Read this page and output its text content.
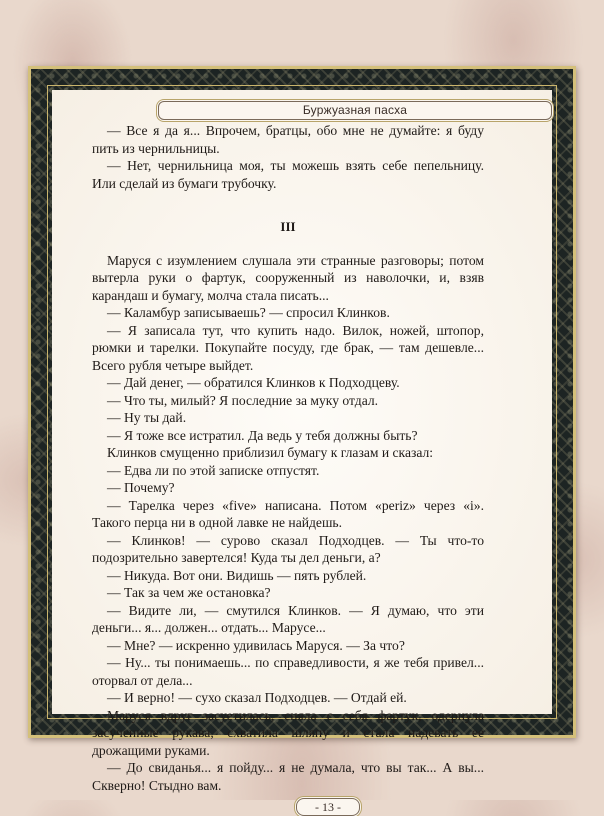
Буржуазная пасха
- 13 -

— Все я да я... Впрочем, братцы, обо мне не думайте: я буду пить из чернильницы.

— Нет, чернильница моя, ты можешь взять себе пепельницу. Или сделай из бумаги трубочку.

III

Маруся с изумлением слушала эти странные разговоры; потом вытерла руки о фартук, сооруженный из наволочки, и, взяв карандаш и бумагу, молча стала писать...

— Каламбур записываешь? — спросил Клинков.

— Я записала тут, что купить надо. Вилок, ножей, штопор, рюмки и тарелки. Покупайте посуду, где брак, — там дешевле... Всего рубля четыре выйдет.

— Дай денег, — обратился Клинков к Подходцеву.

— Что ты, милый? Я последние за муку отдал.

— Ну ты дай.

— Я тоже все истратил. Да ведь у тебя должны быть?

Клинков смущенно приблизил бумагу к глазам и сказал:

— Едва ли по этой записке отпустят.

— Почему?

— Тарелка через «five» написана. Потом «periz» через «i». Такого перца ни в одной лавке не найдешь.

— Клинков! — сурово сказал Подходцев. — Ты что-то подозрительно завертелся! Куда ты дел деньги, а?

— Никуда. Вот они. Видишь — пять рублей.

— Так за чем же остановка?

— Видите ли, — смутился Клинков. — Я думаю, что эти деньги... я... должен... отдать... Марусе...

— Мне? — искренно удивилась Маруся. — За что?

— Ну... ты понимаешь... по справедливости, я же тебя привел... оторвал от дела...

— И верно! — сухо сказал Подходцев. — Отдай ей.

Маруся вдруг засуетилась, сняла с себя фартук, одернула засученные рукава, схватила шляпу и стала надевать ее дрожащими руками.

— До свиданья... я пойду... я не думала, что вы так... А вы... Скверно! Стыдно вам.
